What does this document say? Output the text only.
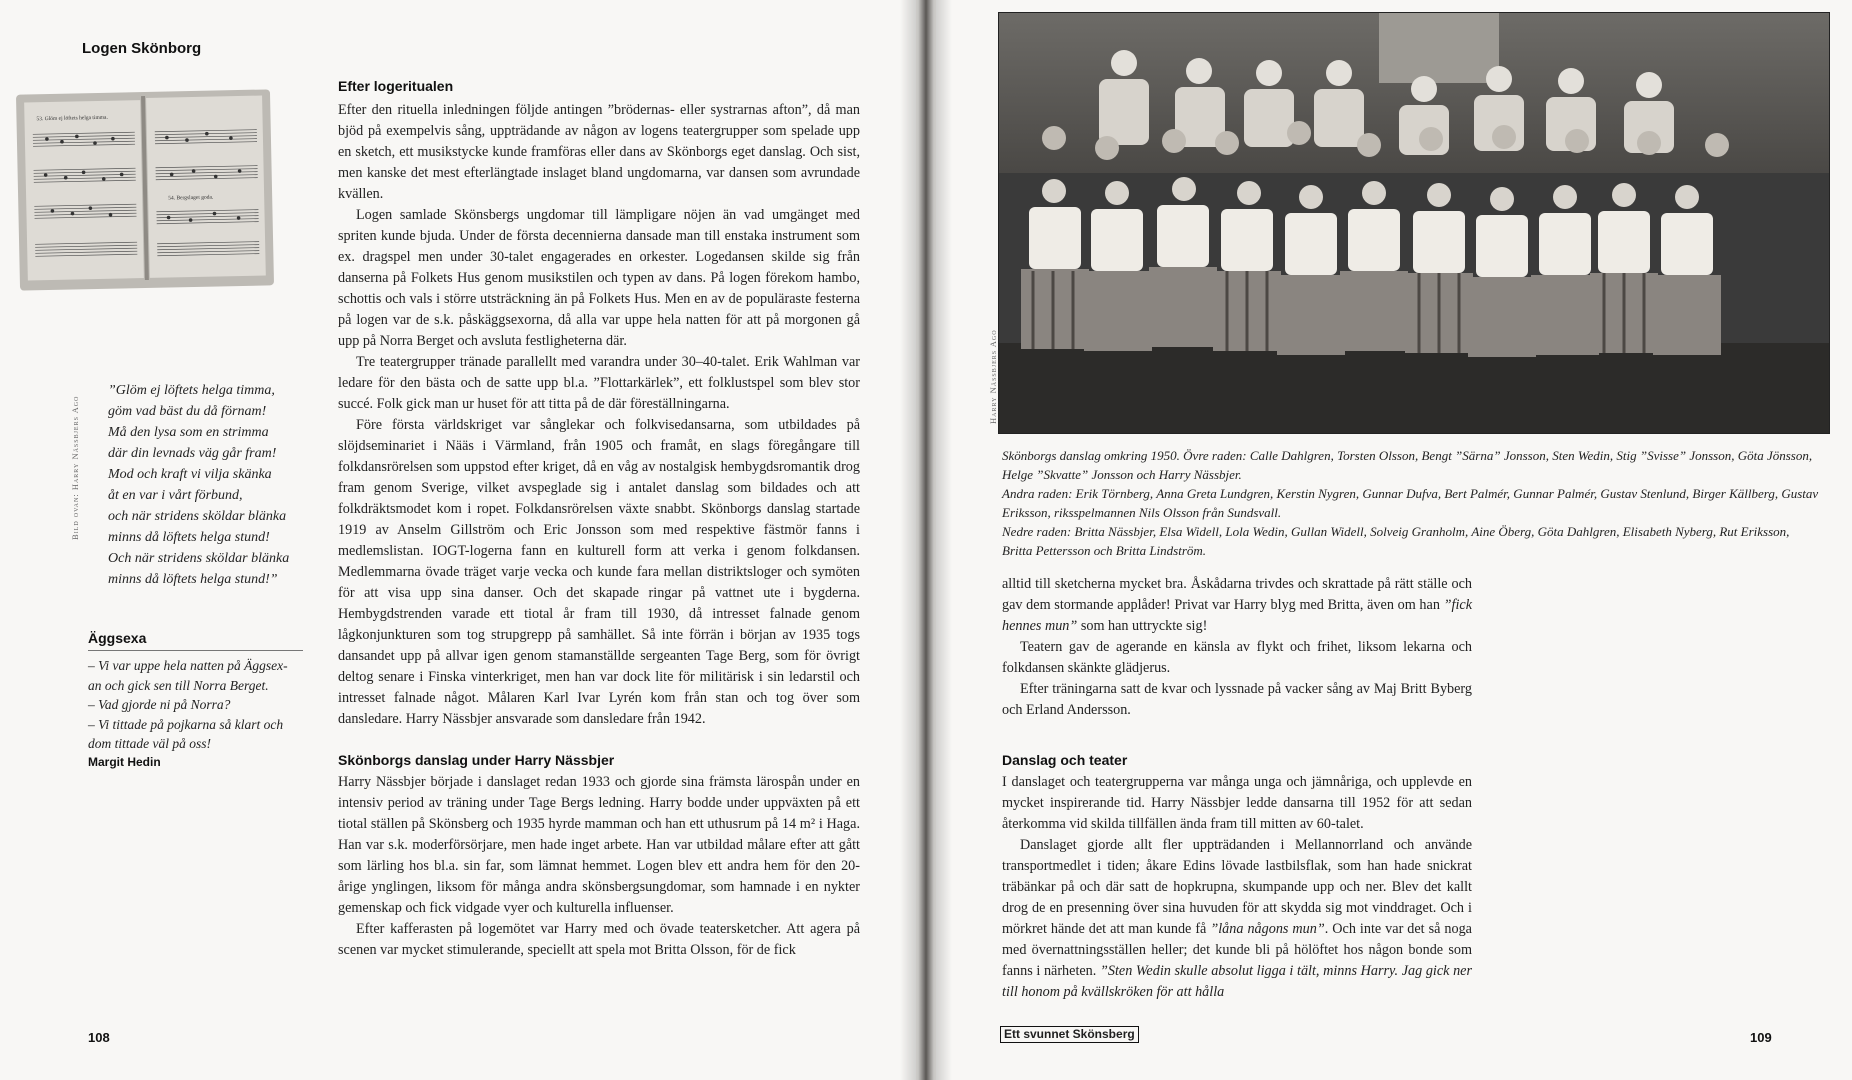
Logen Skönborg
53. Glöm ej löftets helga timma.
54. Bergslaget goda.
Bild ovan: Harry Nässbjers Ago
”Glöm ej löftets helga timma,
göm vad bäst du då förnam!
Må den lysa som en strimma
där din levnads väg går fram!
Mod och kraft vi vilja skänka
åt en var i vårt förbund,
och när stridens sköldar blänka
minns då löftets helga stund!
Och när stridens sköldar blänka
minns då löftets helga stund!”
Äggsexa
– Vi var uppe hela natten på Äggsex-
an och gick sen till Norra Berget.
– Vad gjorde ni på Norra?
– Vi tittade på pojkarna så klart och
dom tittade väl på oss!
Margit Hedin
Efter logeritualen

Efter den rituella inledningen följde antingen ”brödernas- eller systrarnas afton”, då man bjöd på exempelvis sång, uppträdande av någon av logens teatergrupper som spelade upp en sketch, ett musikstycke kunde framföras eller dans av Skönborgs eget danslag. Och sist, men kanske det mest efterlängtade inslaget bland ungdomarna, var dansen som avrundade kvällen.

Logen samlade Skönsbergs ungdomar till lämpligare nöjen än vad umgänget med spriten kunde bjuda. Under de första decennierna dansade man till enstaka instrument som ex. dragspel men under 30-talet engagerades en orkester. Logedansen skilde sig från danserna på Folkets Hus genom musikstilen och typen av dans. På logen förekom hambo, schottis och vals i större utsträckning än på Folkets Hus. Men en av de populäraste festerna på logen var de s.k. påskäggsexorna, då alla var uppe hela natten för att på morgonen gå upp på Norra Berget och avsluta festligheterna där.

Tre teatergrupper tränade parallellt med varandra under 30–40-talet. Erik Wahlman var ledare för den bästa och de satte upp bl.a. ”Flottarkärlek”, ett folklustspel som blev stor succé. Folk gick man ur huset för att titta på de där föreställningarna.

Före första världskriget var sånglekar och folkvisedansarna, som utbildades på slöjdseminariet i Nääs i Värmland, från 1905 och framåt, en slags föregångare till folkdansrörelsen som uppstod efter kriget, då en våg av nostalgisk hembygdsromantik drog fram genom Sverige, vilket avspeglade sig i antalet danslag som bildades och att folkdräktsmodet kom i ropet. Folkdansrörelsen växte snabbt. Skönborgs danslag startade 1919 av Anselm Gillström och Eric Jonsson som med respektive fästmör fanns i medlemslistan. IOGT-logerna fann en kulturell form att verka i genom folkdansen. Medlemmarna övade träget varje vecka och kunde fara mellan distriktsloger och symöten för att visa upp sina danser. Och det skapade ringar på vattnet ute i bygderna. Hembygdstrenden varade ett tiotal år fram till 1930, då intresset falnade genom lågkonjunkturen som tog strupgrepp på samhället. Så inte förrän i början av 1935 togs dansandet upp på allvar igen genom stamanställde sergeanten Tage Berg, som för övrigt deltog senare i Finska vinterkriget, men han var dock lite för militärisk i sin ledarstil och intresset falnade något. Målaren Karl Ivar Lyrén kom från stan och tog över som dansledare. Harry Nässbjer ansvarade som dansledare från 1942.

Skönborgs danslag under Harry Nässbjer

Harry Nässbjer började i danslaget redan 1933 och gjorde sina främsta lärospån under en intensiv period av träning under Tage Bergs ledning. Harry bodde under uppväxten på ett tiotal ställen på Skönsberg och 1935 hyrde mamman och han ett uthusrum på 14 m² i Haga. Han var s.k. moderförsörjare, men hade inget arbete. Han var utbildad målare efter att gått som lärling hos bl.a. sin far, som lämnat hemmet. Logen blev ett andra hem för den 20-årige ynglingen, liksom för många andra skönsbergsungdomar, som hamnade i en nykter gemenskap och fick vidgade vyer och kulturella influenser.

Efter kafferasten på logemötet var Harry med och övade teatersketcher. Att agera på scenen var mycket stimulerande, speciellt att spela mot Britta Olsson, för de fick

108
Harry Nässbjers Ago
Skönborgs danslag omkring 1950. Övre raden: Calle Dahlgren, Torsten Olsson, Bengt ”Särna” Jonsson, Sten Wedin, Stig ”Svisse” Jonsson, Göta Jönsson, Helge ”Skvatte” Jonsson och Harry Nässbjer.
Andra raden: Erik Törnberg, Anna Greta Lundgren, Kerstin Nygren, Gunnar Dufva, Bert Palmér, Gunnar Palmér, Gustav Stenlund, Birger Källberg, Gustav Eriksson, riksspelmannen Nils Olsson från Sundsvall.
Nedre raden: Britta Nässbjer, Elsa Widell, Lola Wedin, Gullan Widell, Solveig Granholm, Aine Öberg, Göta Dahlgren, Elisabeth Nyberg, Rut Eriksson, Britta Pettersson och Britta Lindström.

alltid till sketcherna mycket bra. Åskådarna trivdes och skrattade på rätt ställe och gav dem stormande applåder! Privat var Harry blyg med Britta, även om han ”fick hennes mun” som han uttryckte sig!

Teatern gav de agerande en känsla av flykt och frihet, liksom lekarna och folkdansen skänkte glädjerus.

Efter träningarna satt de kvar och lyssnade på vacker sång av Maj Britt Byberg och Erland Andersson.

Danslag och teater

I danslaget och teatergrupperna var många unga och jämnåriga, och upplevde en mycket inspirerande tid. Harry Nässbjer ledde dansarna till 1952 för att sedan återkomma vid skilda tillfällen ända fram till mitten av 60-talet.

Danslaget gjorde allt fler uppträdanden i Mellannorrland och använde transportmedlet i tiden; åkare Edins lövade lastbilsflak, som han hade snickrat träbänkar på och där satt de hopkrupna, skumpande upp och ner. Blev det kallt drog de en presenning över sina huvuden för att skydda sig mot vinddraget. Och i mörkret hände det att man kunde få ”låna någons mun”. Och inte var det så noga med övernattningsställen heller; det kunde bli på hölöftet hos någon bonde som fanns i närheten. ”Sten Wedin skulle absolut ligga i tält, minns Harry. Jag gick ner till honom på kvällskröken för att hålla

Ett svunnet Skönsberg	109
